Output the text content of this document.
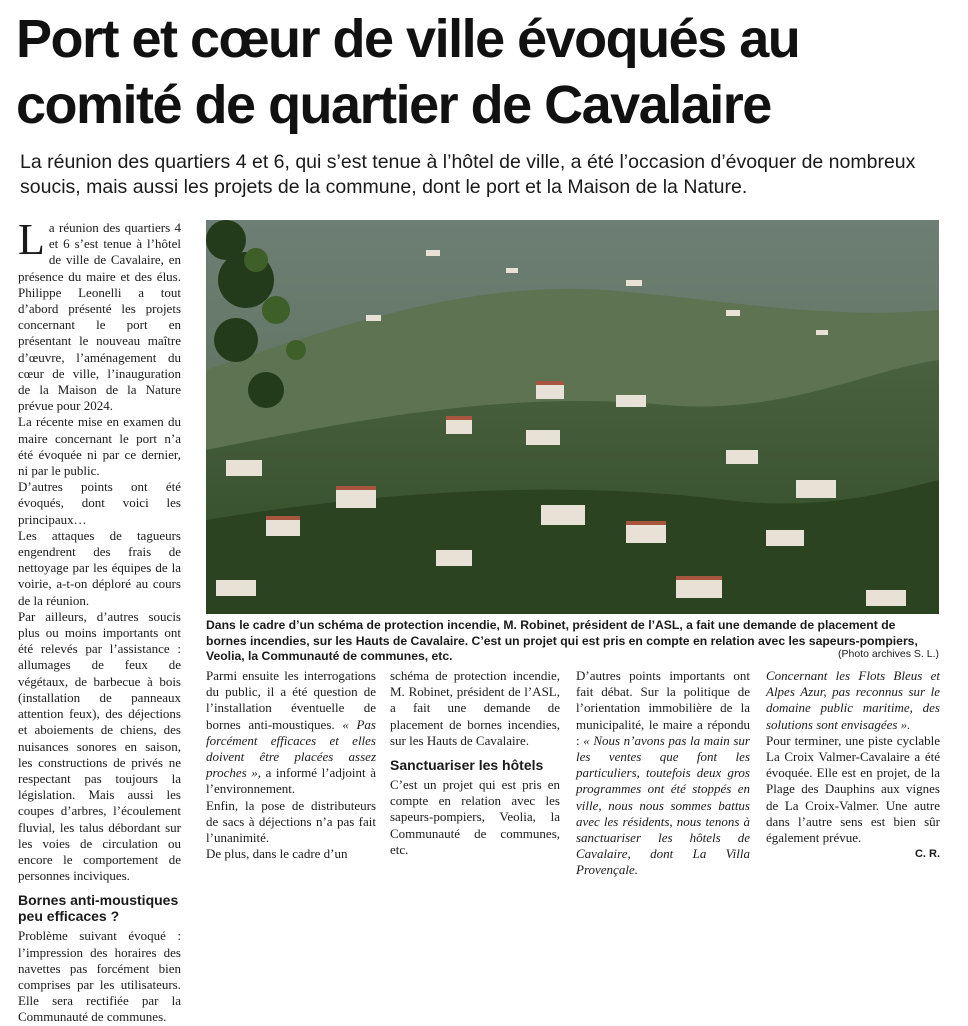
Port et cœur de ville évoqués au comité de quartier de Cavalaire

La réunion des quartiers 4 et 6, qui s’est tenue à l’hôtel de ville, a été l’occasion d’évoquer de nombreux soucis, mais aussi les projets de la commune, dont le port et la Maison de la Nature.

La réunion des quartiers 4 et 6 s’est tenue à l’hôtel de ville de Cavalaire, en présence du maire et des élus. Philippe Leonelli a tout d’abord présenté les projets concernant le port en présentant le nouveau maître d’œuvre, l’aménagement du cœur de ville, l’inauguration de la Maison de la Nature prévue pour 2024.

La récente mise en examen du maire concernant le port n’a été évoquée ni par ce dernier, ni par le public.

D’autres points ont été évoqués, dont voici les principaux…

Les attaques de tagueurs engendrent des frais de nettoyage par les équipes de la voirie, a-t-on déploré au cours de la réunion.

Par ailleurs, d’autres soucis plus ou moins importants ont été relevés par l’assistance : allumages de feux de végétaux, de barbecue à bois (installation de panneaux attention feux), des déjections et aboiements de chiens, des nuisances sonores en saison, les constructions de privés ne respectant pas toujours la législation. Mais aussi les coupes d’arbres, l’écoulement fluvial, les talus débordant sur les voies de circulation ou encore le comportement de personnes inciviques.

Bornes anti-moustiques peu efficaces ?

Problème suivant évoqué : l’impression des horaires des navettes pas forcément bien comprises par les utilisateurs. Elle sera rectifiée par la Communauté de communes.

Dans le cadre d’un schéma de protection incendie, M. Robinet, président de l’ASL, a fait une demande de placement de bornes incendies, sur les Hauts de Cavalaire. C’est un projet qui est pris en compte en relation avec les sapeurs-pompiers, Veolia, la Communauté de communes, etc.	(Photo archives S. L.)

Parmi ensuite les interrogations du public, il a été question de l’installation éventuelle de bornes anti-moustiques. « Pas forcément efficaces et elles doivent être placées assez proches », a informé l’adjoint à l’environnement.

Enfin, la pose de distributeurs de sacs à déjections n’a pas fait l’unanimité.

De plus, dans le cadre d’un

schéma de protection incendie, M. Robinet, président de l’ASL, a fait une demande de placement de bornes incendies, sur les Hauts de Cavalaire.

Sanctuariser les hôtels

C’est un projet qui est pris en compte en relation avec les sapeurs-pompiers, Veolia, la Communauté de communes, etc.

D’autres points importants ont fait débat. Sur la politique de l’orientation immobilière de la municipalité, le maire a répondu : « Nous n’avons pas la main sur les ventes que font les particuliers, toutefois deux gros programmes ont été stoppés en ville, nous nous sommes battus avec les résidents, nous tenons à sanctuariser les hôtels de Cavalaire, dont La Villa Provençale.

Concernant les Flots Bleus et Alpes Azur, pas reconnus sur le domaine public maritime, des solutions sont envisagées ».

Pour terminer, une piste cyclable La Croix Valmer-Cavalaire a été évoquée. Elle est en projet, de la Plage des Dauphins aux vignes de La Croix-Valmer. Une autre dans l’autre sens est bien sûr également prévue.

C. R.
